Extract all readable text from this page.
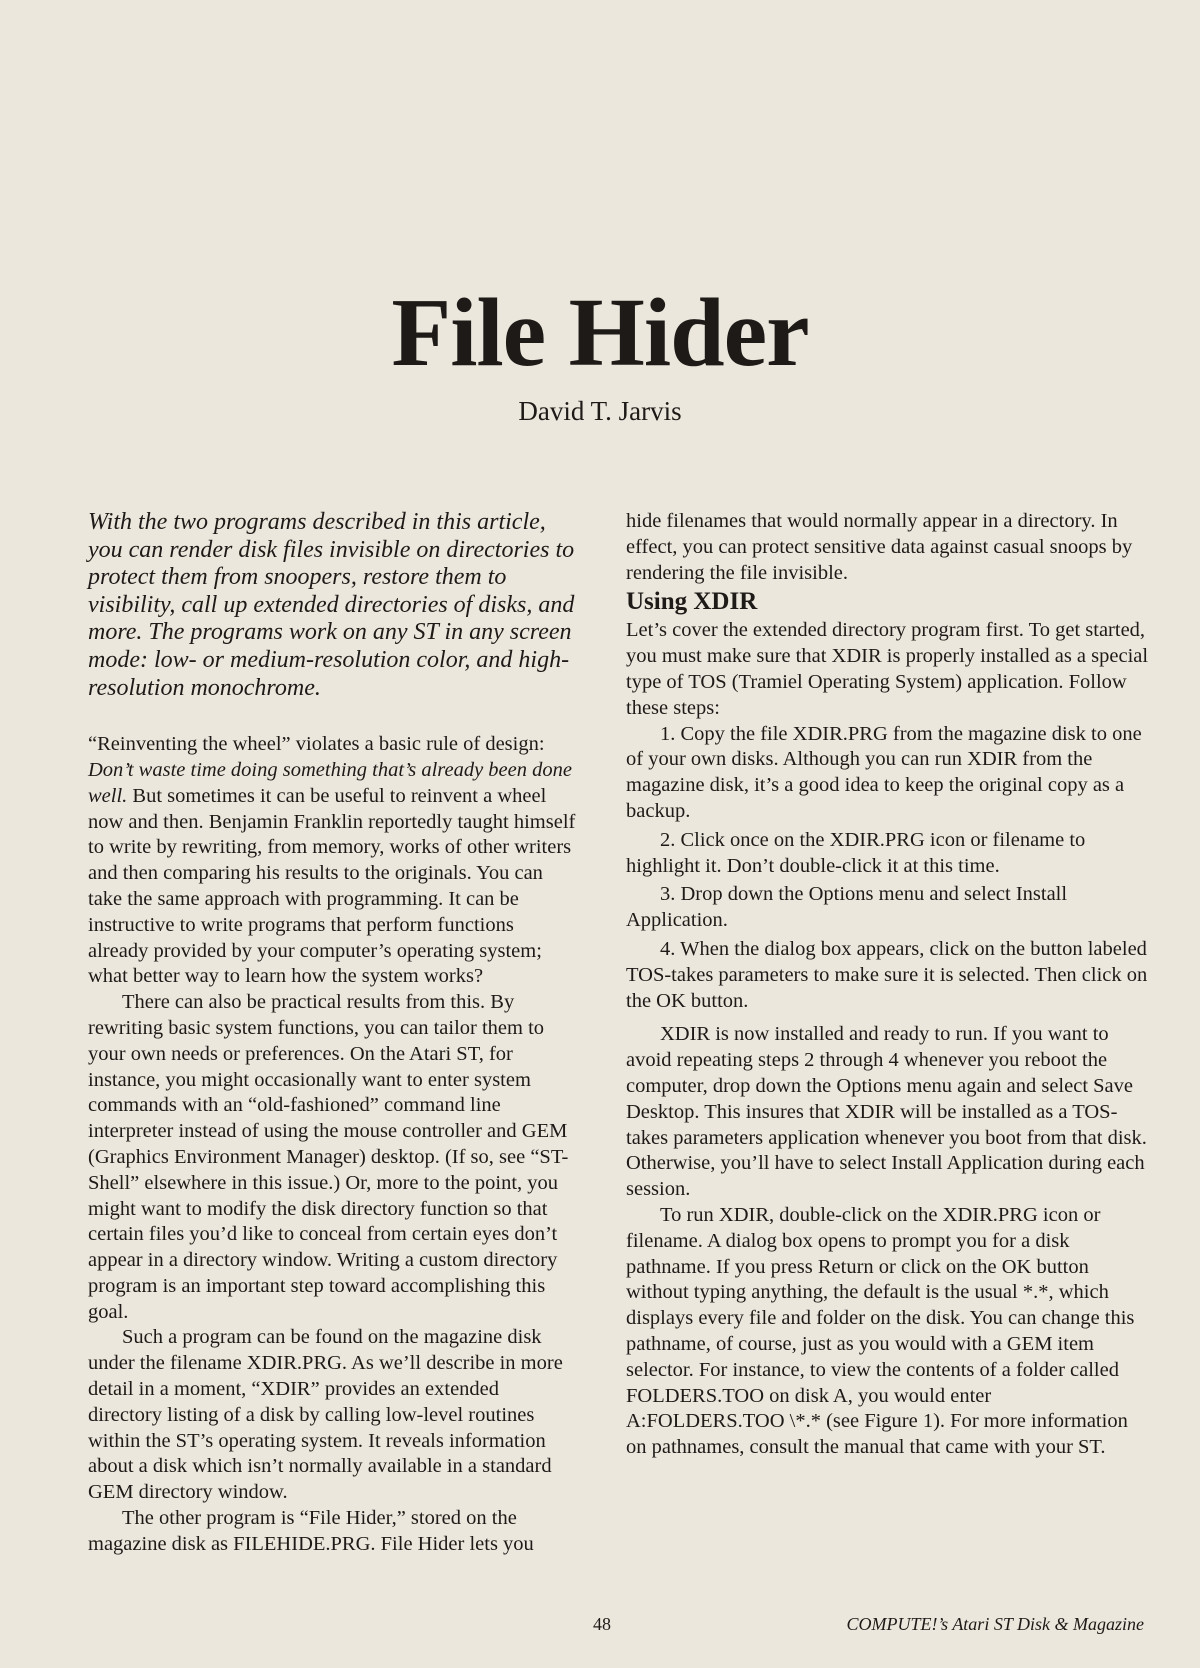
File Hider
David T. Jarvis

With the two programs described in this article, you can render disk files invisible on directories to protect them from snoopers, restore them to visibility, call up extended directories of disks, and more. The programs work on any ST in any screen mode: low- or medium-resolution color, and high-resolution monochrome.

“Reinventing the wheel” violates a basic rule of design: Don’t waste time doing something that’s already been done well. But sometimes it can be useful to reinvent a wheel now and then. Benjamin Franklin reportedly taught himself to write by rewriting, from memory, works of other writers and then comparing his results to the originals. You can take the same approach with programming. It can be instructive to write programs that perform functions already provided by your computer’s operating system; what better way to learn how the system works?

There can also be practical results from this. By rewriting basic system functions, you can tailor them to your own needs or preferences. On the Atari ST, for instance, you might occasionally want to enter system commands with an “old-fashioned” command line interpreter instead of using the mouse controller and GEM (Graphics Environment Manager) desktop. (If so, see “ST-Shell” elsewhere in this issue.) Or, more to the point, you might want to modify the disk directory function so that certain files you’d like to conceal from certain eyes don’t appear in a directory window. Writing a custom directory program is an important step toward accomplishing this goal.

Such a program can be found on the magazine disk under the filename XDIR.PRG. As we’ll describe in more detail in a moment, “XDIR” provides an extended directory listing of a disk by calling low-level routines within the ST’s operating system. It reveals information about a disk which isn’t normally available in a standard GEM directory window.

The other program is “File Hider,” stored on the magazine disk as FILEHIDE.PRG. File Hider lets you

hide filenames that would normally appear in a directory. In effect, you can protect sensitive data against casual snoops by rendering the file invisible.

Using XDIR

Let’s cover the extended directory program first. To get started, you must make sure that XDIR is properly installed as a special type of TOS (Tramiel Operating System) application. Follow these steps:

1. Copy the file XDIR.PRG from the magazine disk to one of your own disks. Although you can run XDIR from the magazine disk, it’s a good idea to keep the original copy as a backup.

2. Click once on the XDIR.PRG icon or filename to highlight it. Don’t double-click it at this time.

3. Drop down the Options menu and select Install Application.

4. When the dialog box appears, click on the button labeled TOS-takes parameters to make sure it is selected. Then click on the OK button.

XDIR is now installed and ready to run. If you want to avoid repeating steps 2 through 4 whenever you reboot the computer, drop down the Options menu again and select Save Desktop. This insures that XDIR will be installed as a TOS-takes parameters application whenever you boot from that disk. Otherwise, you’ll have to select Install Application during each session.

To run XDIR, double-click on the XDIR.PRG icon or filename. A dialog box opens to prompt you for a disk pathname. If you press Return or click on the OK button without typing anything, the default is the usual *.*, which displays every file and folder on the disk. You can change this pathname, of course, just as you would with a GEM item selector. For instance, to view the contents of a folder called FOLDERS.TOO on disk A, you would enter A:FOLDERS.TOO \*.* (see Figure 1). For more information on pathnames, consult the manual that came with your ST.

48	COMPUTE!’s Atari ST Disk & Magazine
